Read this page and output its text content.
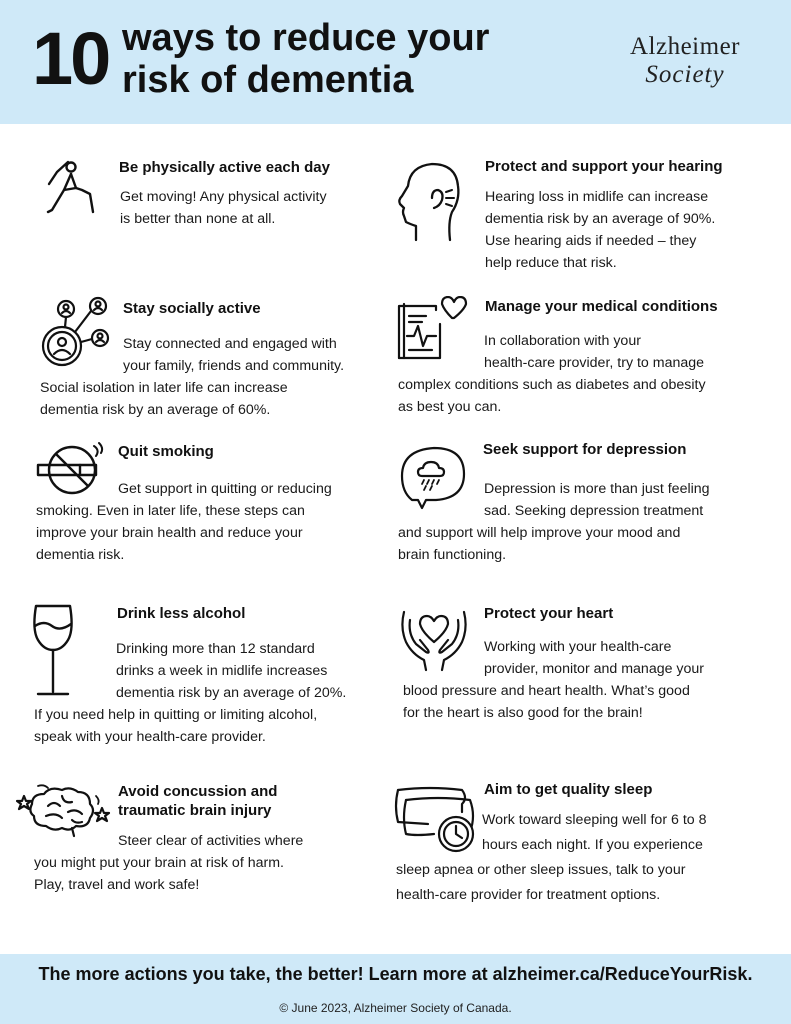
10 ways to reduce your
risk of dementia
Alzheimer
Society
Be physically active each day
Get moving! Any physical activity
is better than none at all.
Protect and support your hearing
Hearing loss in midlife can increase
dementia risk by an average of 90%.
Use hearing aids if needed – they
help reduce that risk.
Stay socially active
Stay connected and engaged with
your family, friends and community.
Social isolation in later life can increase
dementia risk by an average of 60%.
Manage your medical conditions
In collaboration with your
health-care provider, try to manage
complex conditions such as diabetes and obesity
as best you can.
Quit smoking
Get support in quitting or reducing
smoking. Even in later life, these steps can
improve your brain health and reduce your
dementia risk.
Seek support for depression
Depression is more than just feeling
sad. Seeking depression treatment
and support will help improve your mood and
brain functioning.
Drink less alcohol
Drinking more than 12 standard
drinks a week in midlife increases
dementia risk by an average of 20%.
If you need help in quitting or limiting alcohol,
speak with your health-care provider.
Protect your heart
Working with your health-care
provider, monitor and manage your
blood pressure and heart health. What’s good
for the heart is also good for the brain!
Avoid concussion and
traumatic brain injury
Steer clear of activities where
you might put your brain at risk of harm.
Play, travel and work safe!
Aim to get quality sleep
Work toward sleeping well for 6 to 8
hours each night. If you experience
sleep apnea or other sleep issues, talk to your
health-care provider for treatment options.
The more actions you take, the better! Learn more at alzheimer.ca/ReduceYourRisk.
© June 2023, Alzheimer Society of Canada.
